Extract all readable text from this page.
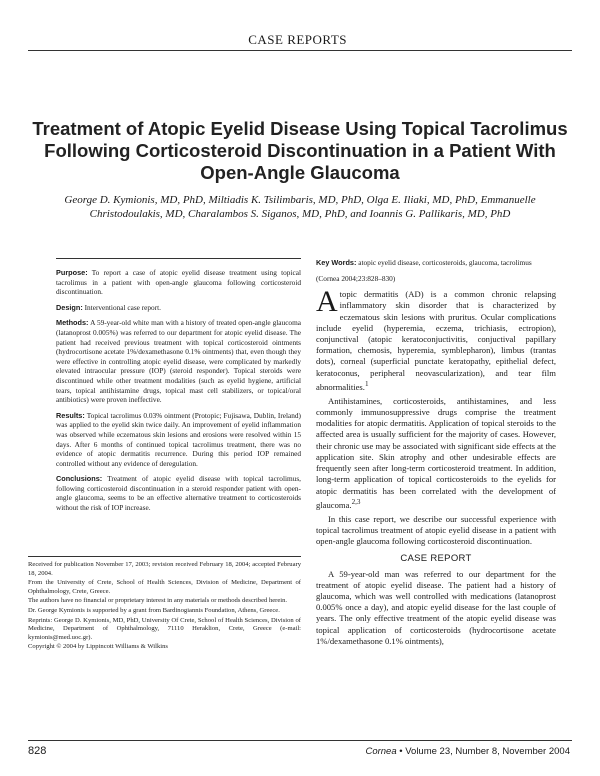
CASE REPORTS
Treatment of Atopic Eyelid Disease Using Topical Tacrolimus Following Corticosteroid Discontinuation in a Patient With Open-Angle Glaucoma
George D. Kymionis, MD, PhD, Miltiadis K. Tsilimbaris, MD, PhD, Olga E. Iliaki, MD, PhD, Emmanuelle Christodoulakis, MD, Charalambos S. Siganos, MD, PhD, and Ioannis G. Pallikaris, MD, PhD
Purpose: To report a case of atopic eyelid disease treatment using topical tacrolimus in a patient with open-angle glaucoma following corticosteroid discontinuation.
Design: Interventional case report.
Methods: A 59-year-old white man with a history of treated open-angle glaucoma (latanoprost 0.005%) was referred to our department for atopic eyelid disease. The patient had received previous treatment with topical corticosteroid ointments (hydrocortisone acetate 1%/dexamethasone 0.1% ointments) that, even though they were effective in controlling atopic eyelid disease, were complicated by markedly elevated intraocular pressure (IOP) (steroid responder). Topical steroids were discontinued while other treatment modalities (such as eyelid hygiene, artificial tears, topical antihistamine drugs, topical mast cell stabilizers, or topical/oral antibiotics) were proven ineffective.
Results: Topical tacrolimus 0.03% ointment (Protopic; Fujisawa, Dublin, Ireland) was applied to the eyelid skin twice daily. An improvement of eyelid inflammation was observed while eczematous skin lesions and erosions were resolved within 15 days. After 6 months of continued topical tacrolimus treatment, there was no evidence of atopic dermatitis recurrence. During this period IOP remained controlled without any evidence of deregulation.
Conclusions: Treatment of atopic eyelid disease with topical tacrolimus, following corticosteroid discontinuation in a steroid responder patient with open-angle glaucoma, seems to be an effective alternative treatment to corticosteroids without the risk of IOP increase.
Received for publication November 17, 2003; revision received February 18, 2004; accepted February 18, 2004.
From the University of Crete, School of Health Sciences, Division of Medicine, Department of Ophthalmology, Crete, Greece.
The authors have no financial or proprietary interest in any materials or methods described herein.
Dr. George Kymionis is supported by a grant from Bardinogiannis Foundation, Athens, Greece.
Reprints: George D. Kymionis, MD, PhD, University Of Crete, School of Health Sciences, Division of Medicine, Department of Ophthalmology, 71110 Heraklion, Crete, Greece (e-mail: kymionis@med.uoc.gr).
Copyright © 2004 by Lippincott Williams & Wilkins
Key Words: atopic eyelid disease, corticosteroids, glaucoma, tacrolimus
(Cornea 2004;23:828–830)

Atopic dermatitis (AD) is a common chronic relapsing inflammatory skin disorder that is characterized by eczematous skin lesions with pruritus. Ocular complications include eyelid (hyperemia, eczema, trichiasis, ectropion), conjunctival (atopic keratoconjuctivitis, conjuctival papillary formation, chemosis, hyperemia, symblepharon), limbus (trantas dots), corneal (superficial punctate keratopathy, epithelial defect, keratoconus, peripheral neovascularization), and tear film abnormalities.$^1$

Antihistamines, corticosteroids, antihistamines, and less commonly immunosuppressive drugs comprise the treatment modalities for atopic dermatitis. Application of topical steroids to the affected area is usually sufficient for the majority of cases. However, their chronic use may be associated with significant side effects at the application site. Skin atrophy and other undesirable effects are frequently seen after long-term corticosteroid treatment. In addition, long-term application of topical corticosteroids to the eyelids for atopic dermatitis has been correlated with the development of glaucoma.$^{2,3}$

In this case report, we describe our successful experience with topical tacrolimus treatment of atopic eyelid disease in a patient with open-angle glaucoma following corticosteroid discontinuation.

CASE REPORT

A 59-year-old man was referred to our department for the treatment of atopic eyelid disease. The patient had a history of glaucoma, which was well controlled with medications (latanoprost 0.005% once a day), and atopic eyelid disease for the last couple of years. The only effective treatment of the atopic eyelid disease was topical application of corticosteroids (hydrocortisone acetate 1%/dexamethasone 0.1% ointments),

828	Cornea • Volume 23, Number 8, November 2004
